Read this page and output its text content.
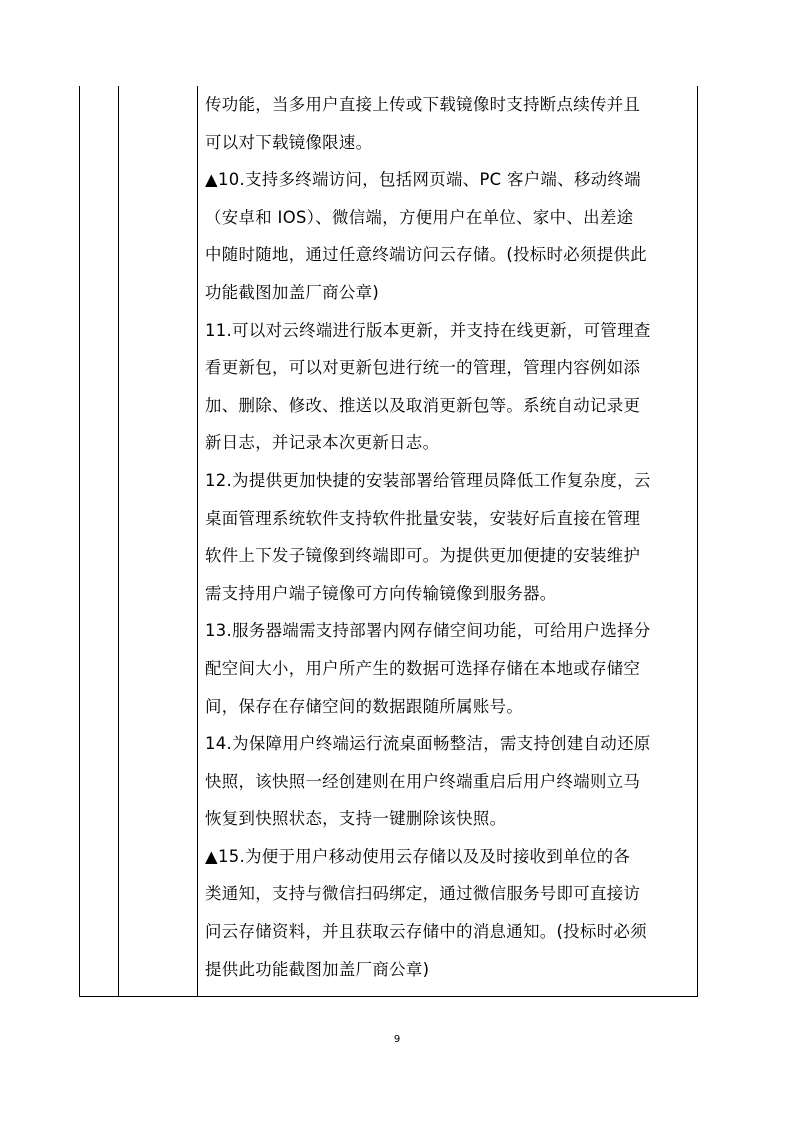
传功能，当多用户直接上传或下载镜像时支持断点续传并且
可以对下载镜像限速。
▲10.支持多终端访问，包括网页端、PC 客户端、移动终端
（安卓和 IOS）、微信端，方便用户在单位、家中、出差途
中随时随地，通过任意终端访问云存储。(投标时必须提供此
功能截图加盖厂商公章)
11.可以对云终端进行版本更新，并支持在线更新，可管理查
看更新包，可以对更新包进行统一的管理，管理内容例如添
加、删除、修改、推送以及取消更新包等。系统自动记录更
新日志，并记录本次更新日志。
12.为提供更加快捷的安装部署给管理员降低工作复杂度，云
桌面管理系统软件支持软件批量安装，安装好后直接在管理
软件上下发子镜像到终端即可。为提供更加便捷的安装维护
需支持用户端子镜像可方向传输镜像到服务器。
13.服务器端需支持部署内网存储空间功能，可给用户选择分
配空间大小，用户所产生的数据可选择存储在本地或存储空
间，保存在存储空间的数据跟随所属账号。
14.为保障用户终端运行流桌面畅整洁，需支持创建自动还原
快照，该快照一经创建则在用户终端重启后用户终端则立马
恢复到快照状态，支持一键删除该快照。
▲15.为便于用户移动使用云存储以及及时接收到单位的各
类通知，支持与微信扫码绑定，通过微信服务号即可直接访
问云存储资料，并且获取云存储中的消息通知。(投标时必须
提供此功能截图加盖厂商公章)
9
